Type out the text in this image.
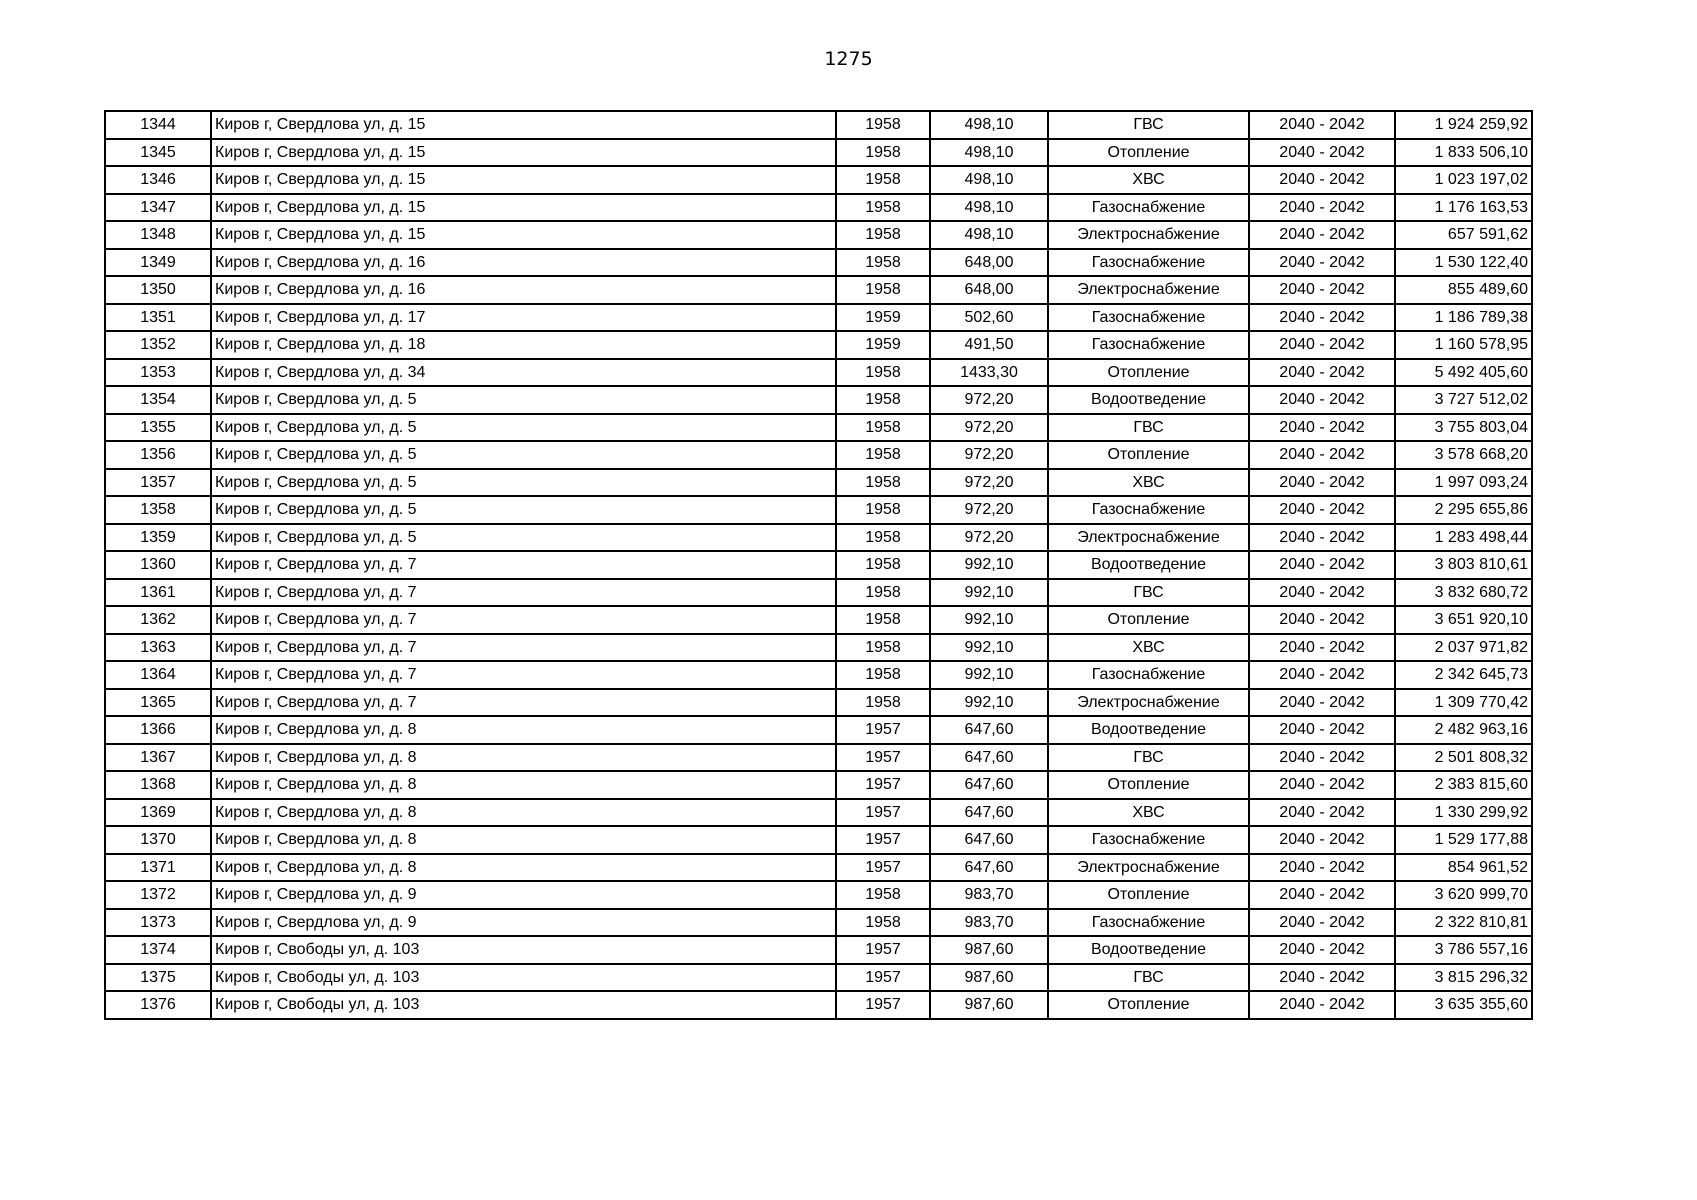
1275
1344	Киров г, Свердлова ул, д. 15	1958	498,10	ГВС	2040 - 2042	1 924 259,92
1345	Киров г, Свердлова ул, д. 15	1958	498,10	Отопление	2040 - 2042	1 833 506,10
1346	Киров г, Свердлова ул, д. 15	1958	498,10	ХВС	2040 - 2042	1 023 197,02
1347	Киров г, Свердлова ул, д. 15	1958	498,10	Газоснабжение	2040 - 2042	1 176 163,53
1348	Киров г, Свердлова ул, д. 15	1958	498,10	Электроснабжение	2040 - 2042	657 591,62
1349	Киров г, Свердлова ул, д. 16	1958	648,00	Газоснабжение	2040 - 2042	1 530 122,40
1350	Киров г, Свердлова ул, д. 16	1958	648,00	Электроснабжение	2040 - 2042	855 489,60
1351	Киров г, Свердлова ул, д. 17	1959	502,60	Газоснабжение	2040 - 2042	1 186 789,38
1352	Киров г, Свердлова ул, д. 18	1959	491,50	Газоснабжение	2040 - 2042	1 160 578,95
1353	Киров г, Свердлова ул, д. 34	1958	1433,30	Отопление	2040 - 2042	5 492 405,60
1354	Киров г, Свердлова ул, д. 5	1958	972,20	Водоотведение	2040 - 2042	3 727 512,02
1355	Киров г, Свердлова ул, д. 5	1958	972,20	ГВС	2040 - 2042	3 755 803,04
1356	Киров г, Свердлова ул, д. 5	1958	972,20	Отопление	2040 - 2042	3 578 668,20
1357	Киров г, Свердлова ул, д. 5	1958	972,20	ХВС	2040 - 2042	1 997 093,24
1358	Киров г, Свердлова ул, д. 5	1958	972,20	Газоснабжение	2040 - 2042	2 295 655,86
1359	Киров г, Свердлова ул, д. 5	1958	972,20	Электроснабжение	2040 - 2042	1 283 498,44
1360	Киров г, Свердлова ул, д. 7	1958	992,10	Водоотведение	2040 - 2042	3 803 810,61
1361	Киров г, Свердлова ул, д. 7	1958	992,10	ГВС	2040 - 2042	3 832 680,72
1362	Киров г, Свердлова ул, д. 7	1958	992,10	Отопление	2040 - 2042	3 651 920,10
1363	Киров г, Свердлова ул, д. 7	1958	992,10	ХВС	2040 - 2042	2 037 971,82
1364	Киров г, Свердлова ул, д. 7	1958	992,10	Газоснабжение	2040 - 2042	2 342 645,73
1365	Киров г, Свердлова ул, д. 7	1958	992,10	Электроснабжение	2040 - 2042	1 309 770,42
1366	Киров г, Свердлова ул, д. 8	1957	647,60	Водоотведение	2040 - 2042	2 482 963,16
1367	Киров г, Свердлова ул, д. 8	1957	647,60	ГВС	2040 - 2042	2 501 808,32
1368	Киров г, Свердлова ул, д. 8	1957	647,60	Отопление	2040 - 2042	2 383 815,60
1369	Киров г, Свердлова ул, д. 8	1957	647,60	ХВС	2040 - 2042	1 330 299,92
1370	Киров г, Свердлова ул, д. 8	1957	647,60	Газоснабжение	2040 - 2042	1 529 177,88
1371	Киров г, Свердлова ул, д. 8	1957	647,60	Электроснабжение	2040 - 2042	854 961,52
1372	Киров г, Свердлова ул, д. 9	1958	983,70	Отопление	2040 - 2042	3 620 999,70
1373	Киров г, Свердлова ул, д. 9	1958	983,70	Газоснабжение	2040 - 2042	2 322 810,81
1374	Киров г, Свободы ул, д. 103	1957	987,60	Водоотведение	2040 - 2042	3 786 557,16
1375	Киров г, Свободы ул, д. 103	1957	987,60	ГВС	2040 - 2042	3 815 296,32
1376	Киров г, Свободы ул, д. 103	1957	987,60	Отопление	2040 - 2042	3 635 355,60
